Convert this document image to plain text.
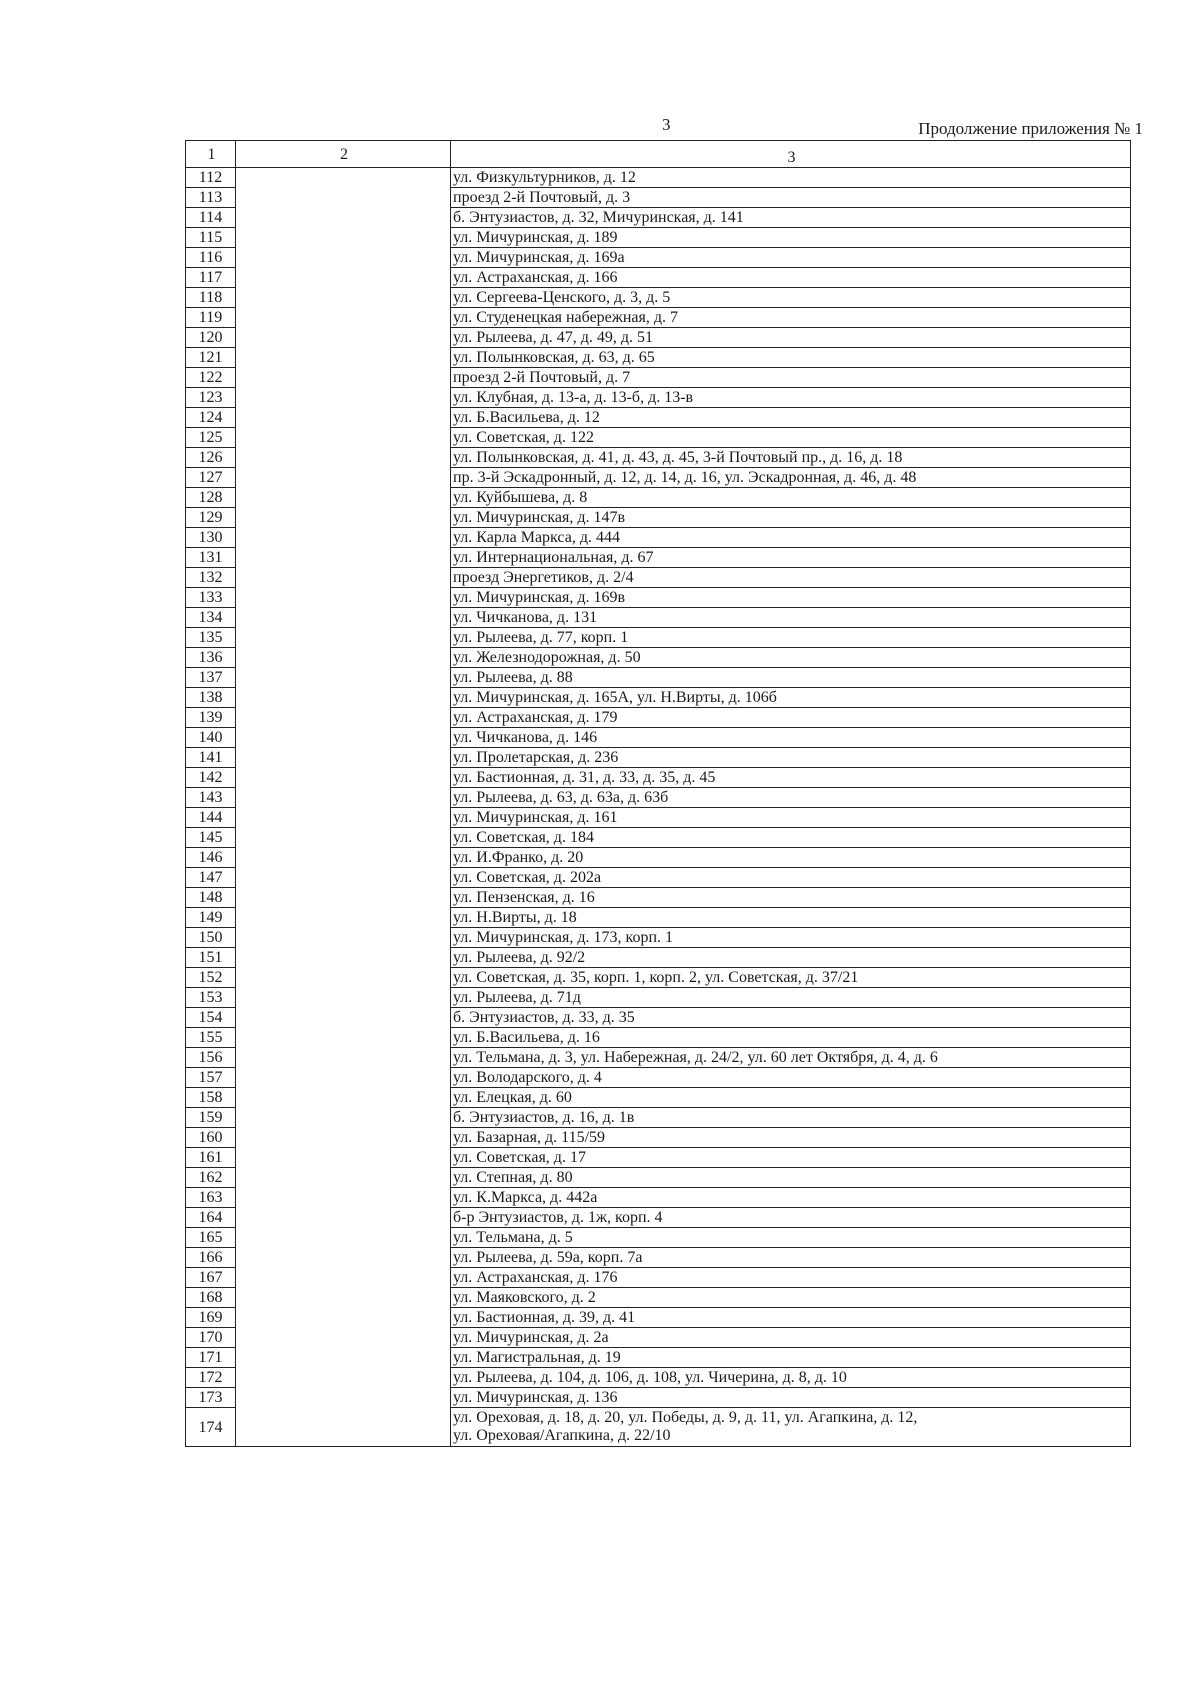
3	Продолжение приложения № 1
1	2	3
112		ул. Физкультурников, д. 12
113		проезд 2-й Почтовый, д. 3
114		б. Энтузиастов, д. 32, Мичуринская, д. 141
115		ул. Мичуринская, д. 189
116		ул. Мичуринская, д. 169а
117		ул. Астраханская, д. 166
118		ул. Сергеева-Ценского, д. 3, д. 5
119		ул. Студенецкая набережная, д. 7
120		ул. Рылеева, д. 47, д. 49, д. 51
121		ул. Полынковская, д. 63, д. 65
122		проезд 2-й Почтовый, д. 7
123		ул. Клубная, д. 13-а, д. 13-б, д. 13-в
124		ул. Б.Васильева, д. 12
125		ул. Советская, д. 122
126		ул. Полынковская, д. 41, д. 43, д. 45, 3-й Почтовый пр., д. 16, д. 18
127		пр. 3-й Эскадронный, д. 12, д. 14, д. 16, ул. Эскадронная, д. 46, д. 48
128		ул. Куйбышева, д. 8
129		ул. Мичуринская, д. 147в
130		ул. Карла Маркса, д. 444
131		ул. Интернациональная, д. 67
132		проезд Энергетиков, д. 2/4
133		ул. Мичуринская, д. 169в
134		ул. Чичканова, д. 131
135		ул. Рылеева, д. 77, корп. 1
136		ул. Железнодорожная, д. 50
137		ул. Рылеева, д. 88
138		ул. Мичуринская, д. 165А, ул. Н.Вирты, д. 106б
139		ул. Астраханская, д. 179
140		ул. Чичканова, д. 146
141		ул. Пролетарская, д. 236
142		ул. Бастионная, д. 31, д. 33, д. 35, д. 45
143		ул. Рылеева, д. 63, д. 63а, д. 63б
144		ул. Мичуринская, д. 161
145		ул. Советская, д. 184
146		ул. И.Франко, д. 20
147		ул. Советская, д. 202а
148		ул. Пензенская, д. 16
149		ул. Н.Вирты, д. 18
150		ул. Мичуринская, д. 173, корп. 1
151		ул. Рылеева, д. 92/2
152		ул. Советская, д. 35, корп. 1, корп. 2, ул. Советская, д. 37/21
153		ул. Рылеева, д. 71д
154		б. Энтузиастов, д. 33, д. 35
155		ул. Б.Васильева, д. 16
156		ул. Тельмана, д. 3, ул. Набережная, д. 24/2, ул. 60 лет Октября, д. 4, д. 6
157		ул. Володарского, д. 4
158		ул. Елецкая, д. 60
159		б. Энтузиастов, д. 16, д. 1в
160		ул. Базарная, д. 115/59
161		ул. Советская, д. 17
162		ул. Степная, д. 80
163		ул. К.Маркса, д. 442а
164		б-р Энтузиастов, д. 1ж, корп. 4
165		ул. Тельмана, д. 5
166		ул. Рылеева, д. 59а, корп. 7а
167		ул. Астраханская, д. 176
168		ул. Маяковского, д. 2
169		ул. Бастионная, д. 39, д. 41
170		ул. Мичуринская, д. 2а
171		ул. Магистральная, д. 19
172		ул. Рылеева, д. 104, д. 106, д. 108, ул. Чичерина, д. 8, д. 10
173		ул. Мичуринская, д. 136
174		ул. Ореховая, д. 18, д. 20, ул. Победы, д. 9, д. 11, ул. Агапкина, д. 12,
ул. Ореховая/Агапкина, д. 22/10
